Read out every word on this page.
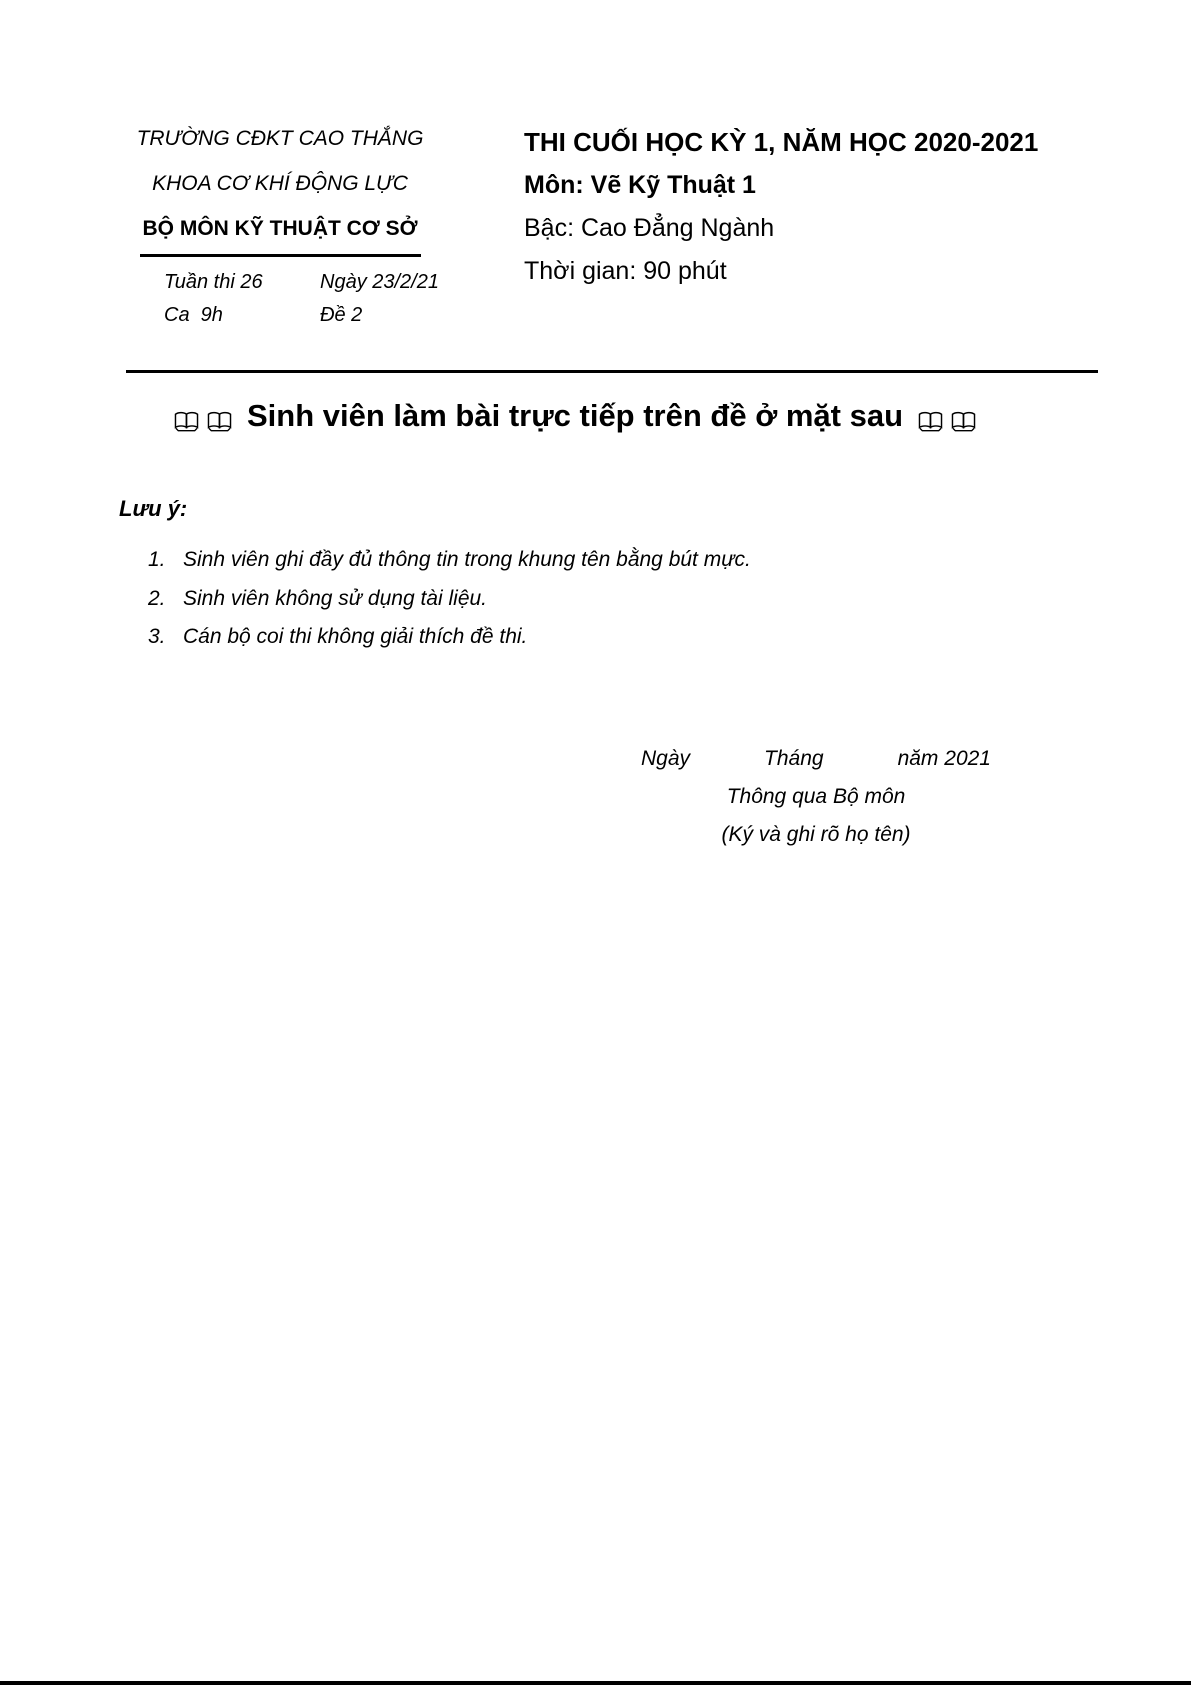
TRƯỜNG CĐKT CAO THẮNG
KHOA CƠ KHÍ ĐỘNG LỰC
BỘ MÔN KỸ THUẬT CƠ SỞ
Tuần thi 26	Ngày 23/2/21
Ca  9h	Đề 2
THI CUỐI HỌC KỲ 1, NĂM HỌC 2020-2021
Môn: Vẽ Kỹ Thuật 1
Bậc: Cao Đẳng Ngành
Thời gian: 90 phút
Sinh viên làm bài trực tiếp trên đề ở mặt sau
Lưu ý:
1. Sinh viên ghi đầy đủ thông tin trong khung tên bằng bút mực.
2. Sinh viên không sử dụng tài liệu.
3. Cán bộ coi thi không giải thích đề thi.
Ngày	Tháng	năm 2021
Thông qua Bộ môn
(Ký và ghi rõ họ tên)
